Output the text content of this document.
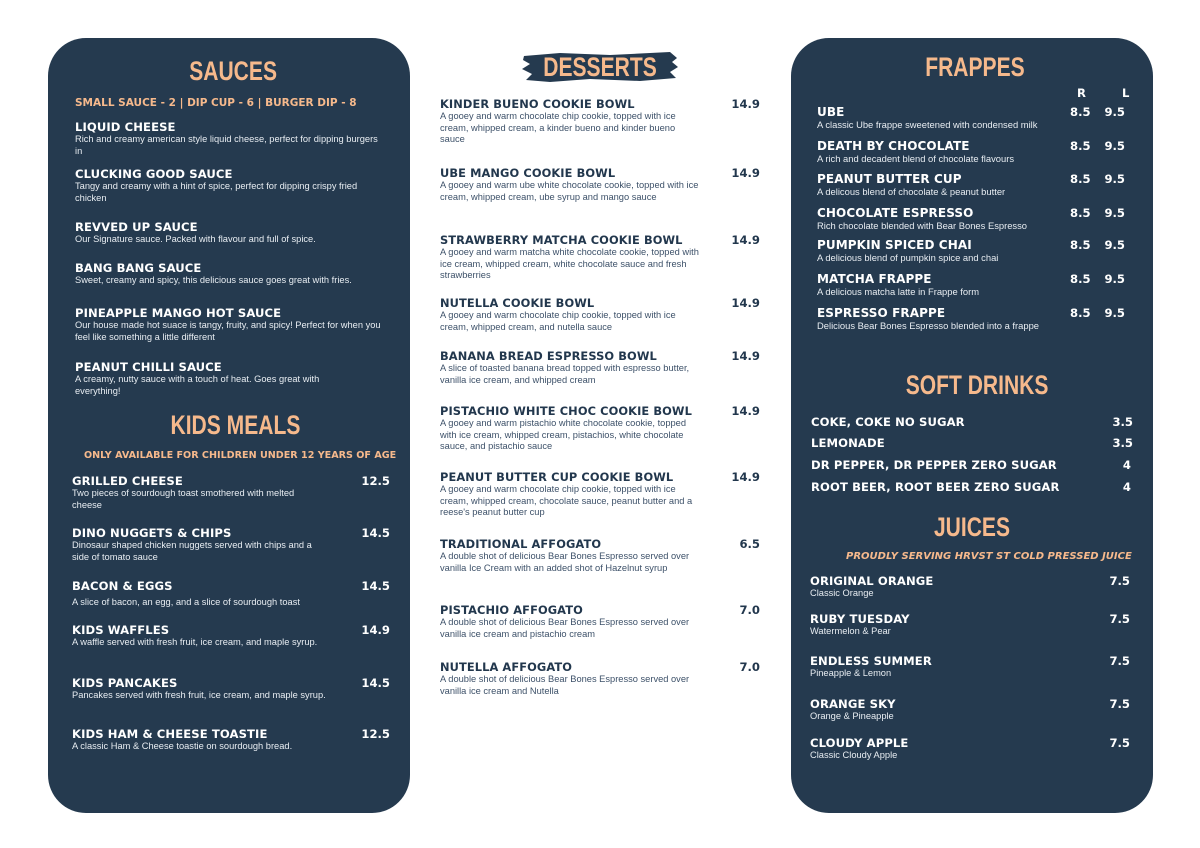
SAUCES
SMALL SAUCE - 2 | DIP CUP - 6 | BURGER DIP - 8
LIQUID CHEESE
Rich and creamy american style liquid cheese, perfect for dipping burgers in
CLUCKING GOOD SAUCE
Tangy and creamy with a hint of spice, perfect for dipping crispy fried chicken
REVVED UP SAUCE
Our Signature sauce. Packed with flavour and full of spice.
BANG BANG SAUCE
Sweet, creamy and spicy, this delicious sauce goes great with fries.
PINEAPPLE MANGO HOT SAUCE
Our house made hot suace is tangy, fruity, and spicy! Perfect for when you feel like something a little different
PEANUT CHILLI SAUCE
A creamy, nutty sauce with a touch of heat. Goes great with everything!
KIDS MEALS
ONLY AVAILABLE FOR CHILDREN UNDER 12 YEARS OF AGE
GRILLED CHEESE	12.5
Two pieces of sourdough toast smothered with melted cheese
DINO NUGGETS & CHIPS	14.5
Dinosaur shaped chicken nuggets served with chips and a side of tomato sauce
BACON & EGGS	14.5
A slice of bacon, an egg, and a slice of sourdough toast
KIDS WAFFLES	14.9
A waffle served with fresh fruit, ice cream, and maple syrup.
KIDS PANCAKES	14.5
Pancakes served with fresh fruit, ice cream, and maple syrup.
KIDS HAM & CHEESE TOASTIE	12.5
A classic Ham & Cheese toastie on sourdough bread.
DESSERTS
KINDER BUENO COOKIE BOWL	14.9
A gooey and warm chocolate chip cookie, topped with ice cream, whipped cream, a kinder bueno and kinder bueno sauce
UBE MANGO COOKIE BOWL	14.9
A gooey and warm ube white chocolate cookie, topped with ice cream, whipped cream, ube syrup and mango sauce
STRAWBERRY MATCHA COOKIE BOWL	14.9
A gooey and warm matcha white chocolate cookie, topped with ice cream, whipped cream, white chocolate sauce and fresh strawberries
NUTELLA COOKIE BOWL	14.9
A gooey and warm chocolate chip cookie, topped with ice cream, whipped cream, and nutella sauce
BANANA BREAD ESPRESSO BOWL	14.9
A slice of toasted banana bread topped with espresso butter, vanilla ice cream, and whipped cream
PISTACHIO WHITE CHOC COOKIE BOWL	14.9
A gooey and warm pistachio white chocolate cookie, topped with ice cream, whipped cream, pistachios, white chocolate sauce, and pistachio sauce
PEANUT BUTTER CUP COOKIE BOWL	14.9
A gooey and warm chocolate chip cookie, topped with ice cream, whipped cream, chocolate sauce, peanut butter and a reese's peanut butter cup
TRADITIONAL AFFOGATO	6.5
A double shot of delicious Bear Bones Espresso served over vanilla Ice Cream with an added shot of Hazelnut syrup
PISTACHIO AFFOGATO	7.0
A double shot of delicious Bear Bones Espresso served over vanilla ice cream and pistachio cream
NUTELLA AFFOGATO	7.0
A double shot of delicious Bear Bones Espresso served over vanilla ice cream and Nutella
FRAPPES
R	L
UBE	8.5 9.5
A classic Ube frappe sweetened with condensed milk
DEATH BY CHOCOLATE	8.5 9.5
A rich and decadent blend of chocolate flavours
PEANUT BUTTER CUP	8.5 9.5
A delicous blend of chocolate & peanut butter
CHOCOLATE ESPRESSO	8.5 9.5
Rich chocolate blended with Bear Bones Espresso
PUMPKIN SPICED CHAI	8.5 9.5
A delicious blend of pumpkin spice and chai
MATCHA FRAPPE	8.5 9.5
A delicious matcha latte in Frappe form
ESPRESSO FRAPPE	8.5 9.5
Delicious Bear Bones Espresso blended into a frappe
SOFT DRINKS
COKE, COKE NO SUGAR	3.5
LEMONADE	3.5
DR PEPPER, DR PEPPER ZERO SUGAR	4
ROOT BEER, ROOT BEER ZERO SUGAR	4
JUICES
PROUDLY SERVING HRVST ST COLD PRESSED JUICE
ORIGINAL ORANGE	7.5
Classic Orange
RUBY TUESDAY	7.5
Watermelon & Pear
ENDLESS SUMMER	7.5
Pineapple & Lemon
ORANGE SKY	7.5
Orange & Pineapple
CLOUDY APPLE	7.5
Classic Cloudy Apple
